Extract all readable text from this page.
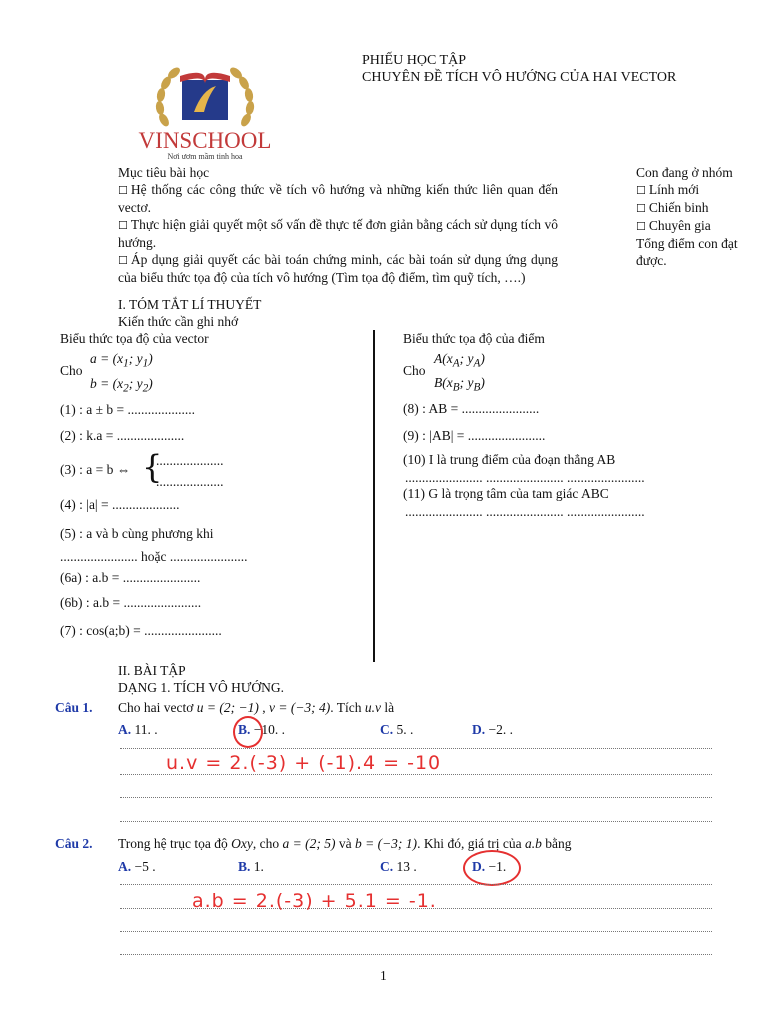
VINSCHOOL
Nơi ươm mầm tinh hoa
PHIẾU HỌC TẬP
CHUYÊN ĐỀ TÍCH VÔ HƯỚNG CỦA HAI VECTOR
Mục tiêu bài học
☐ Hệ thống các công thức về tích vô hướng và những kiến thức liên quan đến vectơ.
☐ Thực hiện giải quyết một số vấn đề thực tế đơn giản bằng cách sử dụng tích vô hướng.
☐ Áp dụng giải quyết các bài toán chứng minh, các bài toán sử dụng ứng dụng của biểu thức tọa độ của tích vô hướng (Tìm tọa độ điểm, tìm quỹ tích, ….)
Con đang ở nhóm
☐ Lính mới
☐ Chiến binh
☐ Chuyên gia
Tổng điểm con đạt được.
I. TÓM TẮT LÍ THUYẾT
Kiến thức cần ghi nhớ
Biểu thức tọa độ của vector
Cho
$a = (x_1$; $y_1$)
$b = (x_2$; $y_2$)
(1) : a ± b = ....................
(2) : k.a = ....................
(3) : a = b ⇔ {
....................
....................
(4) : |a| = ....................
(5) : a và b cùng phương khi
....................... hoặc .......................
(6a) : a.b = .......................
(6b) : a.b = .......................
(7) : cos(a;b) = .......................
Biểu thức tọa độ của điểm
Cho
$A(x_A$; $y_A$)
$B(x_B$; $y_B$)
(8) : AB = .......................
(9) : |AB| = .......................
(10) I là trung điểm của đoạn thẳng AB
....................... ....................... .......................
(11) G là trọng tâm của tam giác ABC
....................... ....................... .......................
II. BÀI TẬP
DẠNG 1. TÍCH VÔ HƯỚNG.
Câu 1. Cho hai vectơ u = (2; −1) , v = (−3; 4). Tích u.v là
A. 11. .	B. −10. .	C. 5. .	D. −2. .
u.v = 2.(-3) + (-1).4 = -10
Câu 2. Trong hệ trục tọa độ Oxy, cho a = (2; 5) và b = (−3; 1). Khi đó, giá trị của a.b bằng
A. −5 .	B. 1.	C. 13 .	D. −1.
a.b = 2.(-3) + 5.1 = -1.
1
